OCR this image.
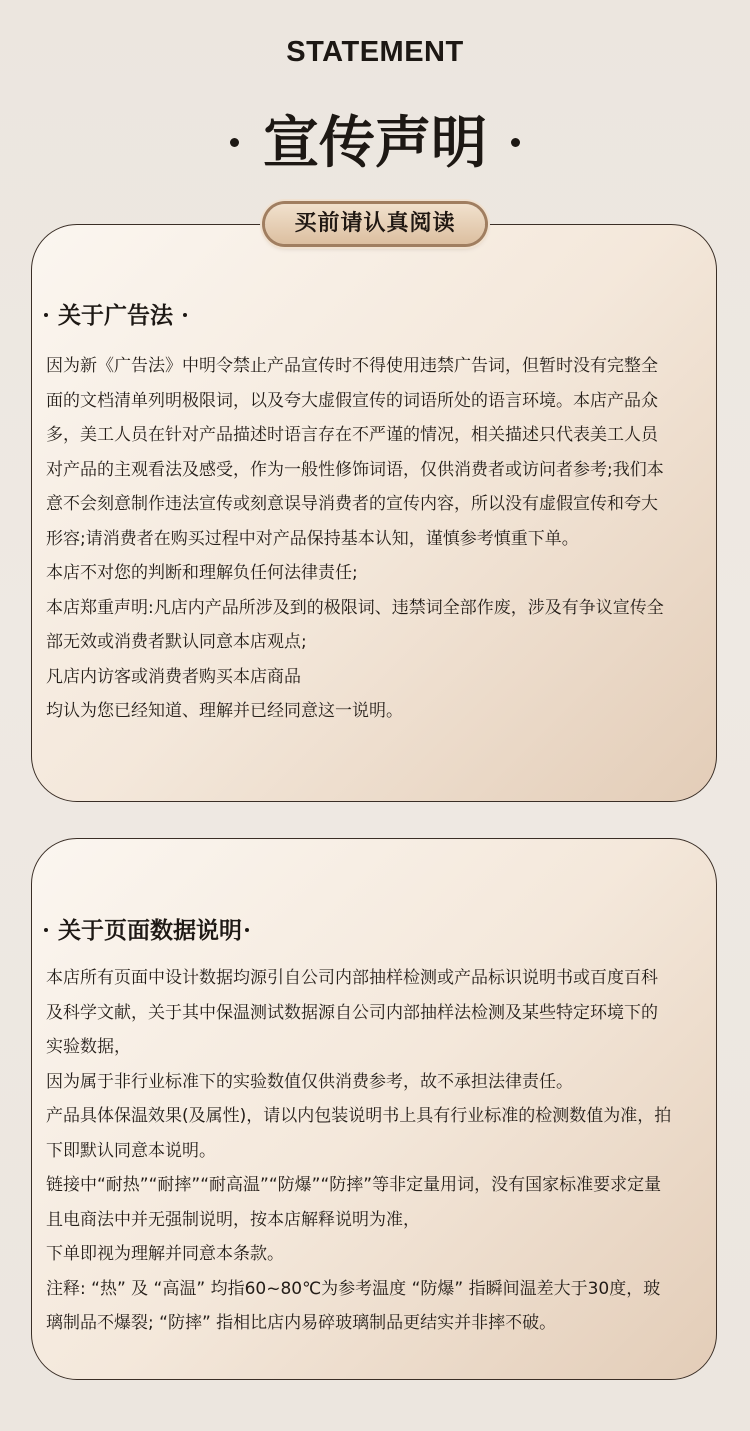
STATEMENT
宣传声明
买前请认真阅读
关于广告法

因为新《广告法》中明令禁止产品宣传时不得使用违禁广告词，但暂时没有完整全面的文档清单列明极限词，以及夸大虚假宣传的词语所处的语言环境。本店产品众多，美工人员在针对产品描述时语言存在不严谨的情况，相关描述只代表美工人员对产品的主观看法及感受，作为一般性修饰词语，仅供消费者或访问者参考;我们本意不会刻意制作违法宣传或刻意误导消费者的宣传内容，所以没有虚假宣传和夸大形容;请消费者在购买过程中对产品保持基本认知，谨慎参考慎重下单。

本店不对您的判断和理解负任何法律责任;

本店郑重声明:凡店内产品所涉及到的极限词、违禁词全部作废，涉及有争议宣传全部无效或消费者默认同意本店观点;

凡店内访客或消费者购买本店商品

均认为您已经知道、理解并已经同意这一说明。

关于页面数据说明

本店所有页面中设计数据均源引自公司内部抽样检测或产品标识说明书或百度百科及科学文献，关于其中保温测试数据源自公司内部抽样法检测及某些特定环境下的实验数据，

因为属于非行业标准下的实验数值仅供消费参考，故不承担法律责任。

产品具体保温效果(及属性)，请以内包装说明书上具有行业标准的检测数值为准，拍下即默认同意本说明。

链接中“耐热”“耐摔”“耐高温”“防爆”“防摔”等非定量用词，没有国家标准要求定量且电商法中并无强制说明，按本店解释说明为准，

下单即视为理解并同意本条款。

注释: “热” 及 “高温” 均指60~80℃为参考温度 “防爆” 指瞬间温差大于30度，玻璃制品不爆裂; “防摔” 指相比店内易碎玻璃制品更结实并非摔不破。
